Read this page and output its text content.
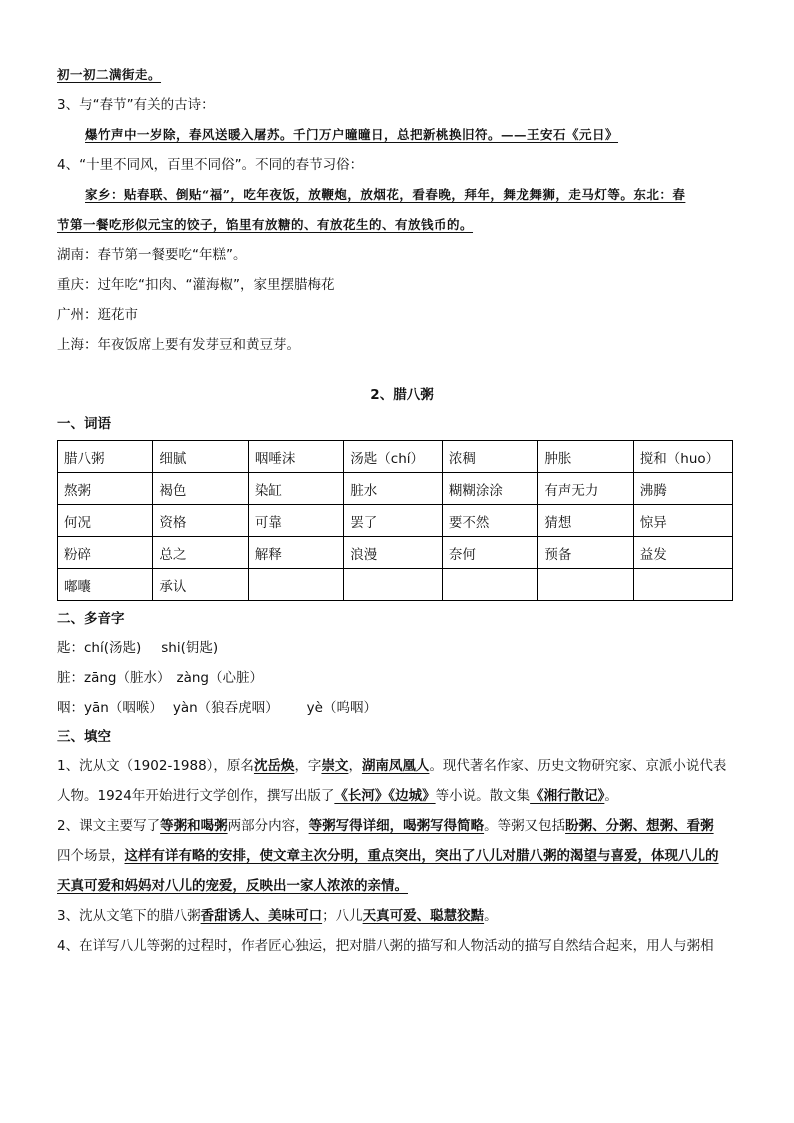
初一初二满街走。
3、与“春节”有关的古诗：
爆竹声中一岁除，春风送暖入屠苏。千门万户曈曈日，总把新桃换旧符。——王安石《元日》
4、“十里不同风，百里不同俗”。不同的春节习俗：
家乡：贴春联、倒贴“福”，吃年夜饭，放鞭炮，放烟花，看春晚，拜年，舞龙舞狮，走马灯等。东北：春
节第一餐吃形似元宝的饺子，馅里有放糖的、有放花生的、有放钱币的。
湖南：春节第一餐要吃“年糕”。
重庆：过年吃“扣肉、“灌海椒”，家里摆腊梅花
广州：逛花市
上海：年夜饭席上要有发芽豆和黄豆芽。
2、腊八粥
一、词语
腊八粥	细腻	咽唾沫	汤匙（chí）	浓稠	肿胀	搅和（huo）
熬粥	褐色	染缸	脏水	糊糊涂涂	有声无力	沸腾
何况	资格	可靠	罢了	要不然	猜想	惊异
粉碎	总之	解释	浪漫	奈何	预备	益发
嘟囔	承认					
二、多音字
匙：chí(汤匙) shi(钥匙)
脏：zāng（脏水） zàng（心脏）
咽：yān（咽喉） yàn（狼吞虎咽） yè（呜咽）
三、填空
1、沈从文（1902-1988），原名沈岳焕，字崇文，湖南凤凰人。现代著名作家、历史文物研究家、京派小说代表
人物。1924年开始进行文学创作，撰写出版了《长河》《边城》等小说。散文集《湘行散记》。
2、课文主要写了等粥和喝粥两部分内容，等粥写得详细，喝粥写得简略。等粥又包括盼粥、分粥、想粥、看粥
四个场景，这样有详有略的安排，使文章主次分明，重点突出，突出了八儿对腊八粥的渴望与喜爱，体现八儿的
天真可爱和妈妈对八儿的宠爱，反映出一家人浓浓的亲情。
3、沈从文笔下的腊八粥香甜诱人、美味可口；八儿天真可爱、聪慧狡黠。
4、在详写八儿等粥的过程时，作者匠心独运，把对腊八粥的描写和人物活动的描写自然结合起来，用人与粥相
